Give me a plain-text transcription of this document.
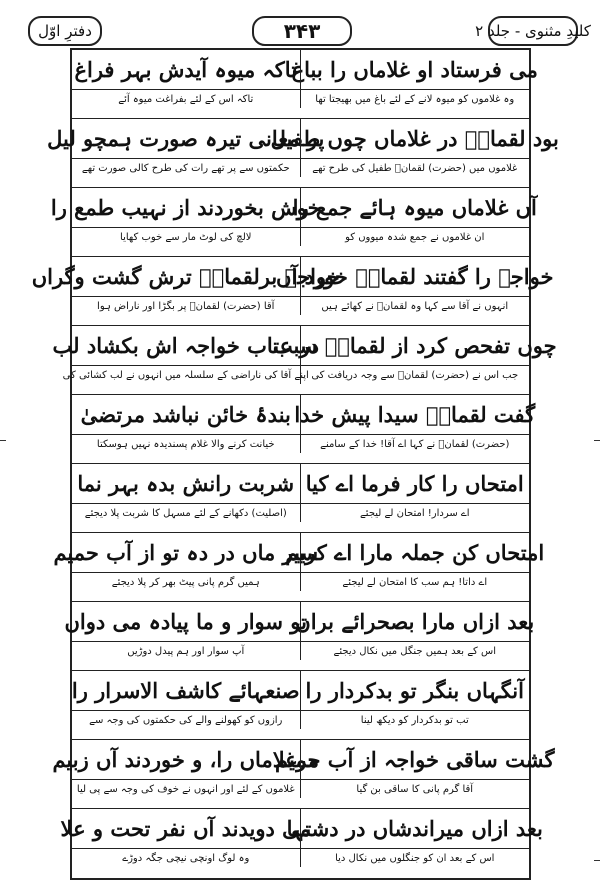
دفترِ اوّل	۳۴۳	کلیدِ مثنوی - جلد ۲
می فرستاد او غلاماں را بباغ
تاکہ میوہ آیدش بہر فراغ
وہ غلاموں کو میوہ لانے کے لئے باغ میں بھیجتا تھا
تاکہ اس کے لئے بفراغت میوہ آئے
بود لقمانؑ در غلاماں چوں طفیل
پر معانی تیرہ صورت ہمچو لیل
غلاموں میں (حضرت) لقمانؑ طفیل کی طرح تھے
حکمتوں سے پر تھے رات کی طرح کالی صورت تھے
آں غلاماں میوہ ہائے جمع را
خوش بخوردند از نہیب طمع را
ان غلاموں نے جمع شدہ میووں کو
لالچ کی لوٹ مار سے خوب کھایا
خواجہ را گفتند لقمانؑ خورد آں
خواجہ برلقمانؑ ترش گشت وگراں
انہوں نے آقا سے کہا وہ لقمانؑ نے کھائے ہیں
آقا (حضرت) لقمانؑ پر بگڑا اور ناراض ہوا
چوں تفحص کرد از لقمانؑ سبب
در عتاب خواجہ اش بکشاد لب
جب اس نے (حضرت) لقمانؑ سے وجہ دریافت کی
اپنے آقا کی ناراضی کے سلسلہ میں انہوں نے لب کشائی کی
گفت لقمانؑ سیدا پیش خدا
بندۂ خائن نباشد مرتضیٰ
(حضرت) لقمانؑ نے کہا اے آقا! خدا کے سامنے
خیانت کرنے والا غلام پسندیدہ نہیں ہوسکتا
امتحاں را کار فرما اے کیا
شربت رانش بدہ بہر نما
اے سردار! امتحان لے لیجئے
(اصلیت) دکھانے کے لئے مسہل کا شربت پلا دیجئے
امتحاں کن جملہ مارا اے کریم
سیر ماں در دہ تو از آب حمیم
اے داتا! ہم سب کا امتحان لے لیجئے
ہمیں گرم پانی پیٹ بھر کر پلا دیجئے
بعد ازاں مارا بصحرائے براں
تو سوار و ما پیادہ می دواں
اس کے بعد ہمیں جنگل میں نکال دیجئے
آپ سوار اور ہم پیدل دوڑیں
آنگہاں بنگر تو بدکردار را
صنعہائے کاشف الاسرار را
تب تو بدکردار کو دیکھ لینا
رازوں کو کھولنے والے کی حکمتوں کی وجہ سے
گشت ساقی خواجہ از آب حمیم
مرغلاماں را، و خوردند آں زبیم
آقا گرم پانی کا ساقی بن گیا
غلاموں کے لئے اور انہوں نے خوف کی وجہ سے پی لیا
بعد ازاں میراندشاں در دشتہا
می دویدند آں نفر تحت و علا
اس کے بعد ان کو جنگلوں میں نکال دیا
وہ لوگ اونچی نیچی جگہ دوڑے
